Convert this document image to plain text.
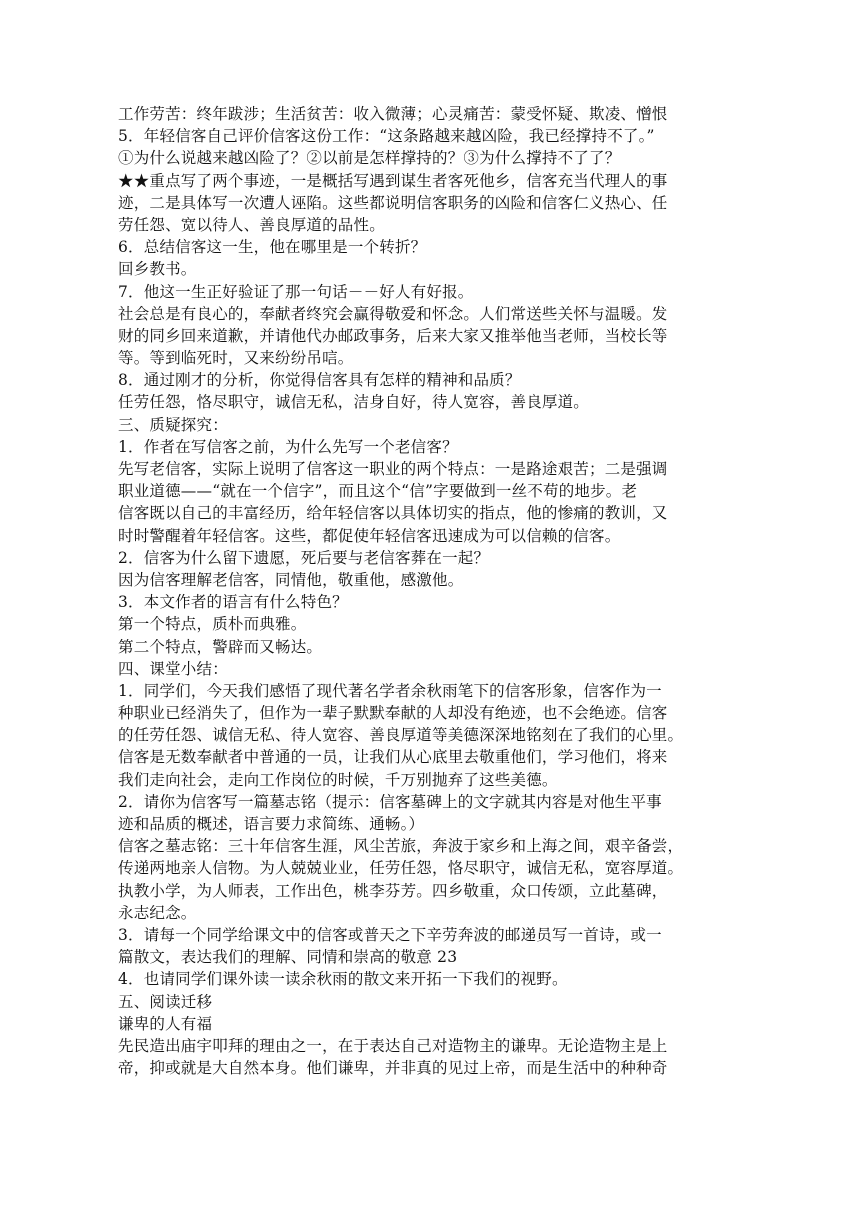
工作劳苦：终年跋涉；生活贫苦：收入微薄；心灵痛苦：蒙受怀疑、欺凌、憎恨
5．年轻信客自己评价信客这份工作：“这条路越来越凶险，我已经撑持不了。”
①为什么说越来越凶险了？②以前是怎样撑持的？③为什么撑持不了了？
★★重点写了两个事迹，一是概括写遇到谋生者客死他乡，信客充当代理人的事
迹，二是具体写一次遭人诬陷。这些都说明信客职务的凶险和信客仁义热心、任
劳任怨、宽以待人、善良厚道的品性。
6．总结信客这一生，他在哪里是一个转折？
回乡教书。
7．他这一生正好验证了那一句话－－好人有好报。
社会总是有良心的，奉献者终究会赢得敬爱和怀念。人们常送些关怀与温暖。发
财的同乡回来道歉，并请他代办邮政事务，后来大家又推举他当老师，当校长等
等。等到临死时，又来纷纷吊唁。
8．通过刚才的分析，你觉得信客具有怎样的精神和品质？
任劳任怨，恪尽职守，诚信无私，洁身自好，待人宽容，善良厚道。
三、质疑探究：
1．作者在写信客之前，为什么先写一个老信客？
先写老信客，实际上说明了信客这一职业的两个特点：一是路途艰苦；二是强调
职业道德——“就在一个信字”，而且这个“信”字要做到一丝不苟的地步。老
信客既以自己的丰富经历，给年轻信客以具体切实的指点，他的惨痛的教训，又
时时警醒着年轻信客。这些，都促使年轻信客迅速成为可以信赖的信客。
2．信客为什么留下遗愿，死后要与老信客葬在一起？
因为信客理解老信客，同情他，敬重他，感激他。
3．本文作者的语言有什么特色？
第一个特点，质朴而典雅。
第二个特点，警辟而又畅达。
四、课堂小结：
1．同学们，今天我们感悟了现代著名学者余秋雨笔下的信客形象，信客作为一
种职业已经消失了，但作为一辈子默默奉献的人却没有绝迹，也不会绝迹。信客
的任劳任怨、诚信无私、待人宽容、善良厚道等美德深深地铭刻在了我们的心里。
信客是无数奉献者中普通的一员，让我们从心底里去敬重他们，学习他们，将来
我们走向社会，走向工作岗位的时候，千万别抛弃了这些美德。
2．请你为信客写一篇墓志铭（提示：信客墓碑上的文字就其内容是对他生平事
迹和品质的概述，语言要力求简练、通畅。）
信客之墓志铭：三十年信客生涯，风尘苦旅，奔波于家乡和上海之间，艰辛备尝，
传递两地亲人信物。为人兢兢业业，任劳任怨，恪尽职守，诚信无私，宽容厚道。
执教小学，为人师表，工作出色，桃李芬芳。四乡敬重，众口传颂，立此墓碑，
永志纪念。
3．请每一个同学给课文中的信客或普天之下辛劳奔波的邮递员写一首诗，或一
篇散文，表达我们的理解、同情和崇高的敬意 23
4．也请同学们课外读一读余秋雨的散文来开拓一下我们的视野。
五、阅读迁移
谦卑的人有福
先民造出庙宇叩拜的理由之一，在于表达自己对造物主的谦卑。无论造物主是上
帝，抑或就是大自然本身。他们谦卑，并非真的见过上帝，而是生活中的种种奇
